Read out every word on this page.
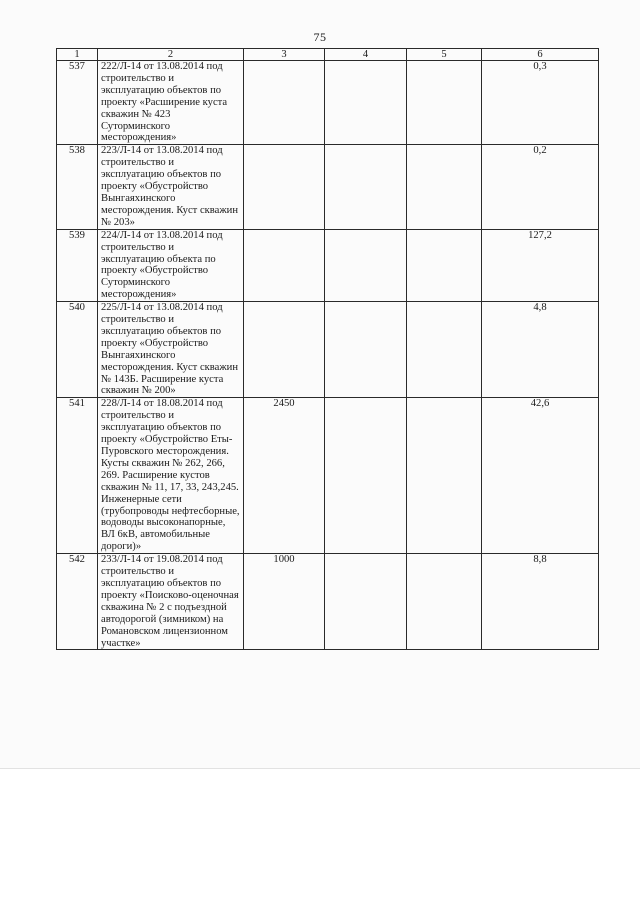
75
1	2	3	4	5	6
537	222/Л-14 от 13.08.2014 под строительство и эксплуатацию объектов по проекту «Расширение куста скважин № 423 Суторминского месторождения»				0,3
538	223/Л-14 от 13.08.2014 под строительство и эксплуатацию объектов по проекту «Обустройство Вынгаяхинского месторождения. Куст скважин № 203»				0,2
539	224/Л-14 от 13.08.2014 под строительство и эксплуатацию объекта по проекту «Обустройство Суторминского месторождения»				127,2
540	225/Л-14 от 13.08.2014 под строительство и эксплуатацию объектов по проекту «Обустройство Вынгаяхинского месторождения. Куст скважин № 143Б. Расширение куста скважин № 200»				4,8
541	228/Л-14 от 18.08.2014 под строительство и эксплуатацию объектов по проекту «Обустройство Еты-Пуровского месторождения. Кусты скважин № 262, 266, 269. Расширение кустов скважин № 11, 17, 33, 243,245. Инженерные сети (трубопроводы нефтесборные, водоводы высоконапорные, ВЛ 6кВ, автомобильные дороги)»	2450			42,6
542	233/Л-14 от 19.08.2014 под строительство и эксплуатацию объектов по проекту «Поисково-оценочная скважина № 2 с подъездной автодорогой (зимником) на Романовском лицензионном участке»	1000			8,8
